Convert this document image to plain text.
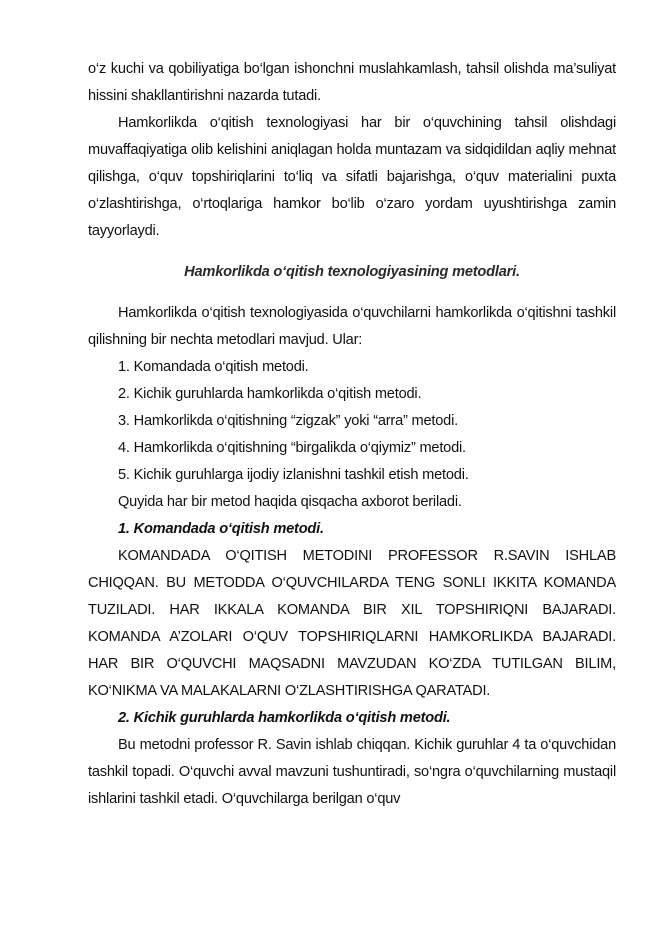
o‘z kuchi va qobiliyatiga bo‘lgan ishonchni muslahkamlash, tahsil olishda ma’suliyat hissini shakllantirishni nazarda tutadi.

Hamkorlikda o‘qitish texnologiyasi har bir o‘quvchining tahsil olishdagi muvaffaqiyatiga olib kelishini aniqlagan holda muntazam va sidqidildan aqliy mehnat qilishga, o‘quv topshiriqlarini to‘liq va sifatli bajarishga, o‘quv materialini puxta o‘zlashtirishga, o‘rtoqlariga hamkor bo‘lib o‘zaro yordam uyushtirishga zamin tayyorlaydi.

Hamkorlikda o‘qitish texnologiyasining metodlari.

Hamkorlikda o‘qitish texnologiyasida o‘quvchilarni hamkorlikda o‘qitishni tashkil qilishning bir nechta metodlari mavjud. Ular:

1. Komandada o‘qitish metodi.

2. Kichik guruhlarda hamkorlikda o‘qitish metodi.

3. Hamkorlikda o‘qitishning “zigzak” yoki “arra” metodi.

4. Hamkorlikda o‘qitishning “birgalikda o‘qiymiz” metodi.

5. Kichik guruhlarga ijodiy izlanishni tashkil etish metodi.

Quyida har bir metod haqida qisqacha axborot beriladi.

1. Komandada o‘qitish metodi.

KOMANDADA O‘QITISH METODINI PROFESSOR R.SAVIN ISHLAB CHIQQAN. BU METODDA O‘QUVCHILARDA TENG SONLI IKKITA KOMANDA TUZILADI. HAR IKKALA KOMANDA BIR XIL TOPSHIRIQNI BAJARADI. KOMANDA A’ZOLARI O‘QUV TOPSHIRIQLARNI HAMKORLIKDA BAJARADI. HAR BIR O‘QUVCHI MAQSADNI MAVZUDAN KO‘ZDA TUTILGAN BILIM, KO‘NIKMA VA MALAKALARNI O‘ZLASHTIRISHGA QARATADI.

2. Kichik guruhlarda hamkorlikda o‘qitish metodi.

Bu metodni professor R. Savin ishlab chiqqan. Kichik guruhlar 4 ta o‘quvchidan tashkil topadi. O‘quvchi avval mavzuni tushuntiradi, so‘ngra o‘quvchilarning mustaqil ishlarini tashkil etadi. O‘quvchilarga berilgan o‘quv
